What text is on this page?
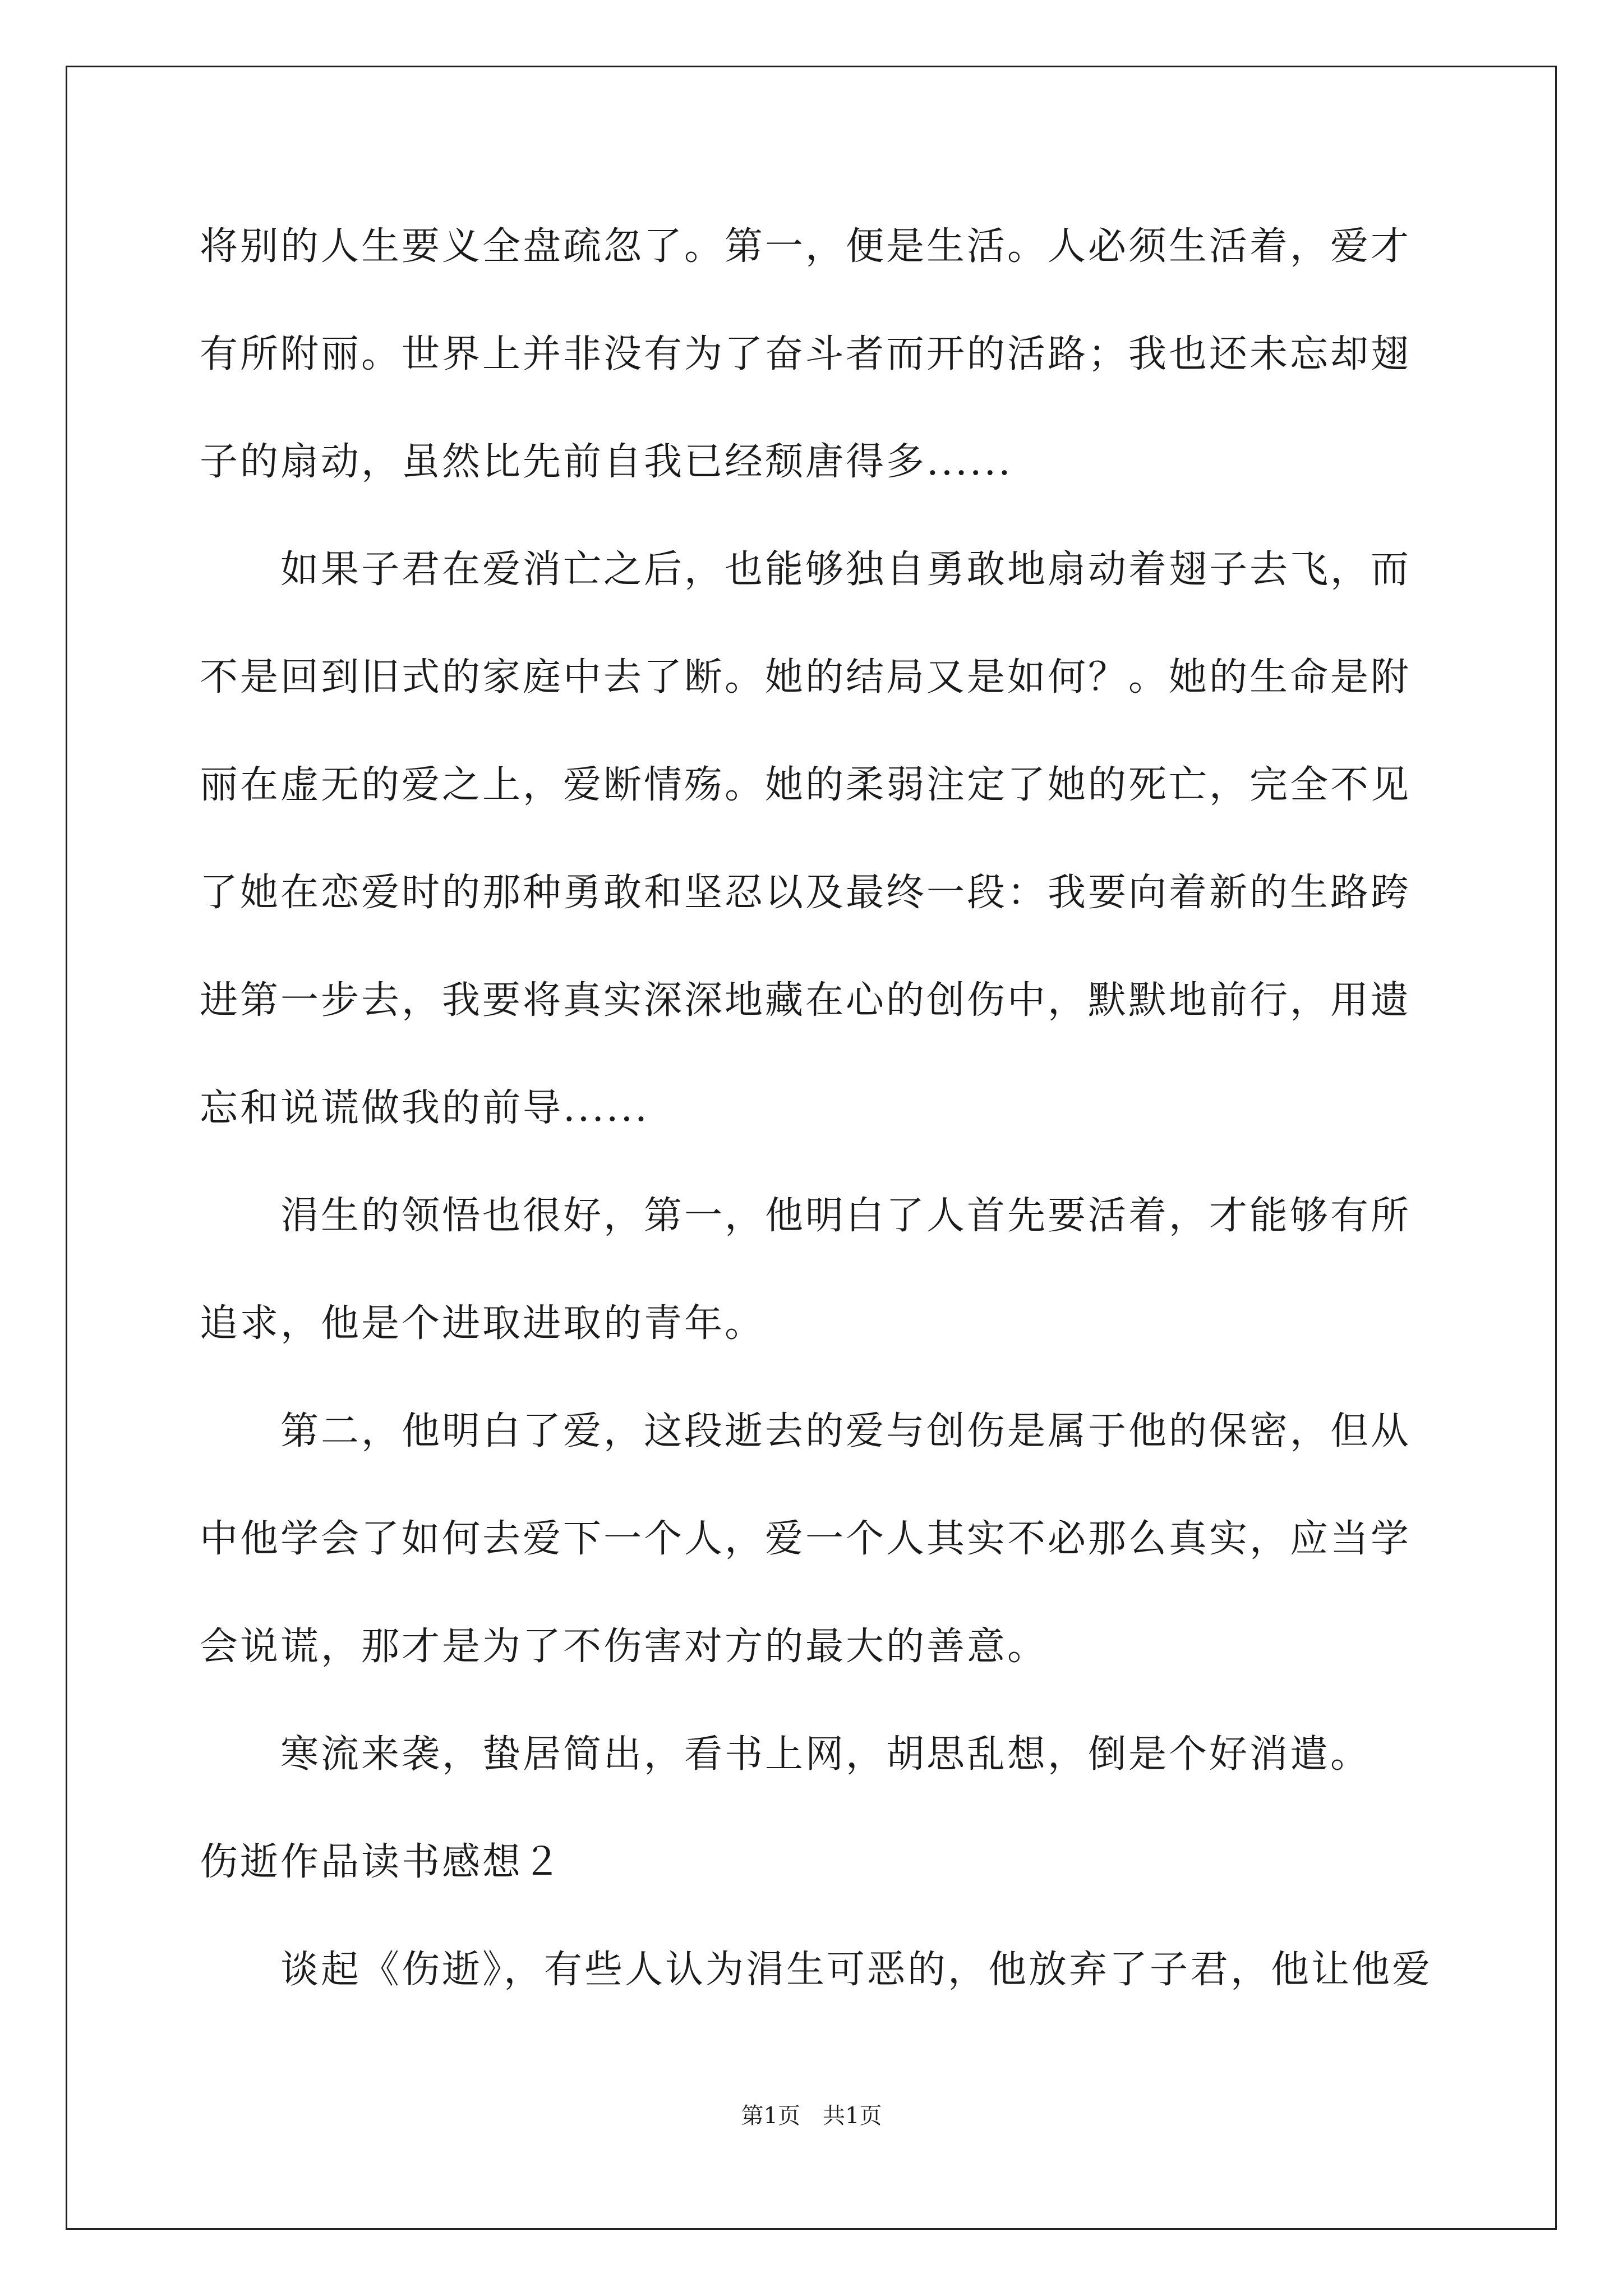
将别的人生要义全盘疏忽了。第一，便是生活。人必须生活着，爱才
有所附丽。世界上并非没有为了奋斗者而开的活路；我也还未忘却翅
子的扇动，虽然比先前自我已经颓唐得多......
　　如果子君在爱消亡之后，也能够独自勇敢地扇动着翅子去飞，而
不是回到旧式的家庭中去了断。她的结局又是如何？。她的生命是附
丽在虚无的爱之上，爱断情殇。她的柔弱注定了她的死亡，完全不见
了她在恋爱时的那种勇敢和坚忍以及最终一段：我要向着新的生路跨
进第一步去，我要将真实深深地藏在心的创伤中，默默地前行，用遗
忘和说谎做我的前导......
　　涓生的领悟也很好，第一，他明白了人首先要活着，才能够有所
追求，他是个进取进取的青年。
　　第二，他明白了爱，这段逝去的爱与创伤是属于他的保密，但从
中他学会了如何去爱下一个人，爱一个人其实不必那么真实，应当学
会说谎，那才是为了不伤害对方的最大的善意。
　　寒流来袭，蛰居简出，看书上网，胡思乱想，倒是个好消遣。
伤逝作品读书感想２
　　谈起《伤逝》，有些人认为涓生可恶的，他放弃了子君，他让他爱
第1页 共1页
